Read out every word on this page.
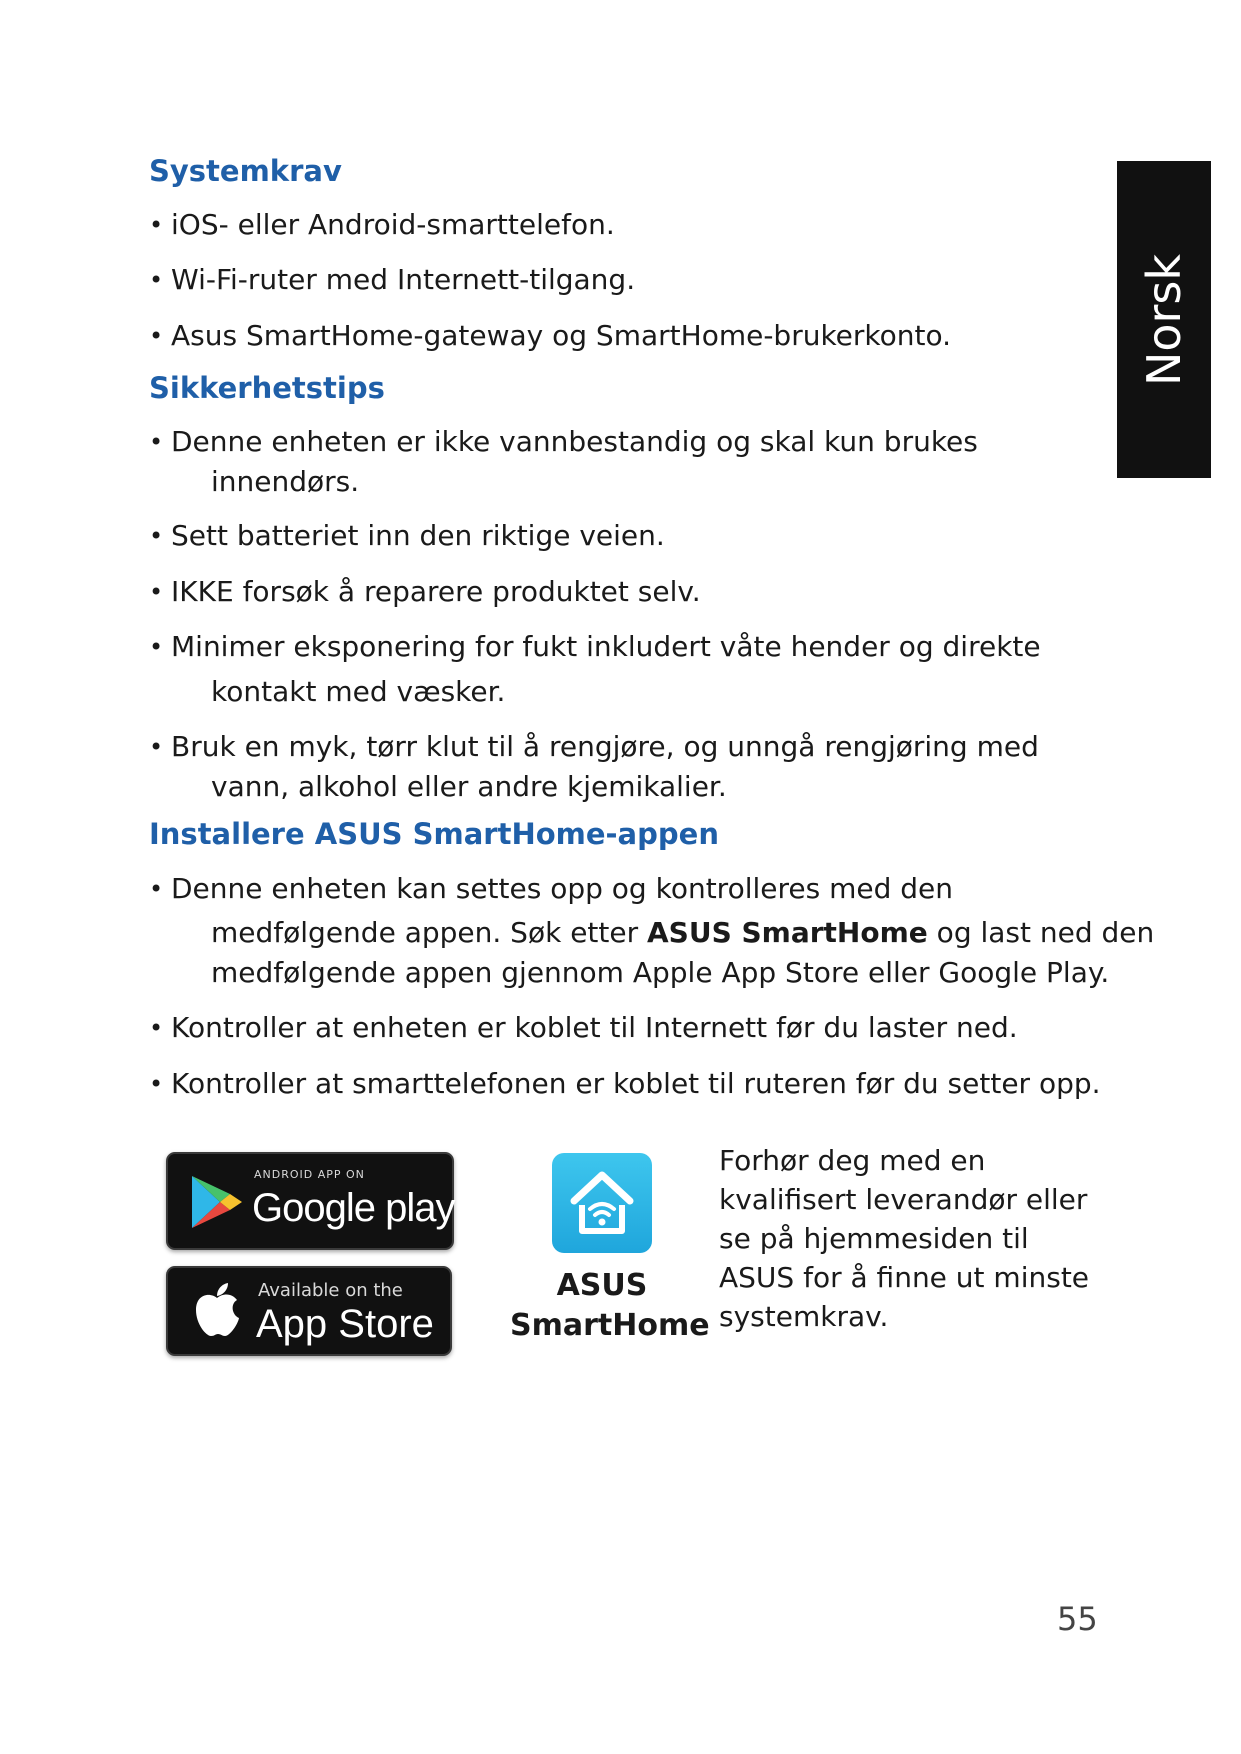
Norsk
Systemkrav

• iOS- eller Android-smarttelefon.

• Wi-Fi-ruter med Internett-tilgang.

• Asus SmartHome-gateway og SmartHome-brukerkonto.

Sikkerhetstips

• Denne enheten er ikke vannbestandig og skal kun brukes
innendørs.

• Sett batteriet inn den riktige veien.

• IKKE forsøk å reparere produktet selv.

• Minimer eksponering for fukt inkludert våte hender og direkte
kontakt med væsker.

• Bruk en myk, tørr klut til å rengjøre, og unngå rengjøring med
vann, alkohol eller andre kjemikalier.

Installere ASUS SmartHome-appen

• Denne enheten kan settes opp og kontrolleres med den
medfølgende appen. Søk etter ASUS SmartHome og last ned den
medfølgende appen gjennom Apple App Store eller Google Play.

• Kontroller at enheten er koblet til Internett før du laster ned.

• Kontroller at smarttelefonen er koblet til ruteren før du setter opp.

ANDROID APP ON
Google play
Available on the
App Store

ASUS
SmartHome

Forhør deg med en
kvalifisert leverandør eller
se på hjemmesiden til
ASUS for å finne ut minste
systemkrav.

55
